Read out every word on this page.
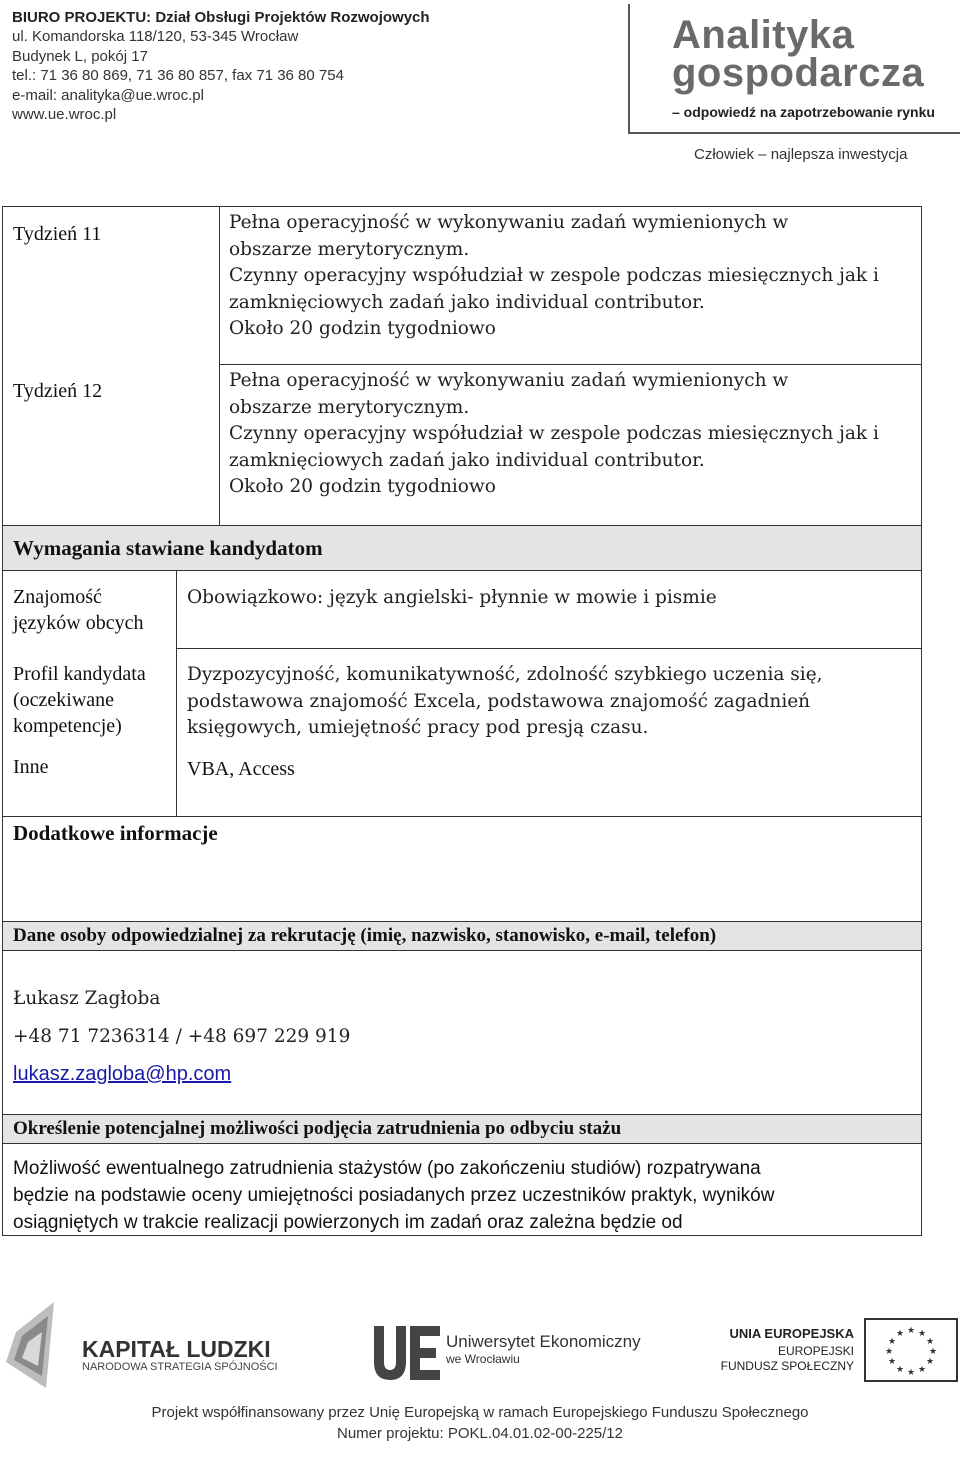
BIURO PROJEKTU: Dział Obsługi Projektów Rozwojowych
ul. Komandorska 118/120, 53-345 Wrocław
Budynek L, pokój 17
tel.: 71 36 80 869, 71 36 80 857, fax 71 36 80 754
e-mail: analityka@ue.wroc.pl
www.ue.wroc.pl
Analityka
gospodarcza
– odpowiedź na zapotrzebowanie rynku
Człowiek – najlepsza inwestycja
Tydzień 11
Pełna operacyjność w wykonywaniu zadań wymienionych w
obszarze merytorycznym.
Czynny operacyjny współudział w zespole podczas miesięcznych jak i
zamknięciowych zadań jako individual contributor.
Około 20 godzin tygodniowo
Tydzień 12	Pełna operacyjność w wykonywaniu zadań wymienionych w
obszarze merytorycznym.
Czynny operacyjny współudział w zespole podczas miesięcznych jak i
zamknięciowych zadań jako individual contributor.
Około 20 godzin tygodniowo
Wymagania stawiane kandydatom
Znajomość
języków obcych
Obowiązkowo: język angielski- płynnie w mowie i pismie
Profil kandydata
(oczekiwane
kompetencje)
Dyzpozycyjność, komunikatywność, zdolność szybkiego uczenia się,
podstawowa znajomość Excela, podstawowa znajomość zagadnień
księgowych, umiejętność pracy pod presją czasu.
Inne	VBA, Access
Dodatkowe informacje
Dane osoby odpowiedzialnej za rekrutację (imię, nazwisko, stanowisko, e-mail, telefon)
Łukasz Zagłoba
+48 71 7236314 / +48 697 229 919
lukasz.zagloba@hp.com
Określenie potencjalnej możliwości podjęcia zatrudnienia po odbyciu stażu
Możliwość ewentualnego zatrudnienia stażystów (po zakończeniu studiów) rozpatrywana
będzie na podstawie oceny umiejętności posiadanych przez uczestników praktyk, wyników
osiągniętych w trakcie realizacji powierzonych im zadań oraz zależna będzie od
KAPITAŁ LUDZKI
NARODOWA STRATEGIA SPÓJNOŚCI
Uniwersytet Ekonomiczny
we Wrocławiu
UNIA EUROPEJSKA
EUROPEJSKI
FUNDUSZ SPOŁECZNY
★ ★
★
★
★
★
★
★
★
★
★
★
Projekt współfinansowany przez Unię Europejską w ramach Europejskiego Funduszu Społecznego
Numer projektu: POKL.04.01.02-00-225/12
